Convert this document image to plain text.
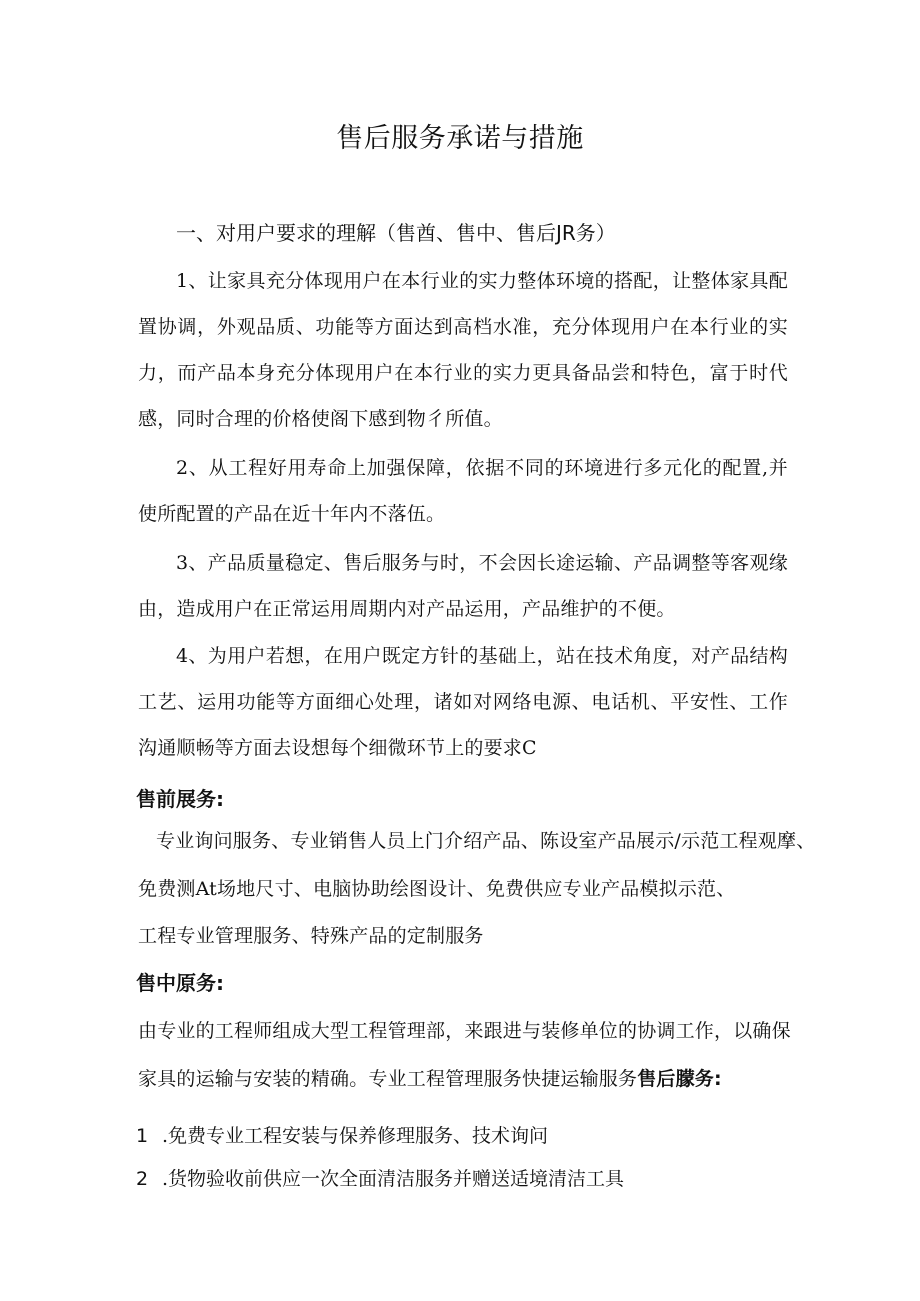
售后服务承诺与措施
一、对用户要求的理解（售酋、售中、售后JR务）
1、让家具充分体现用户在本行业的实力整体环境的搭配，让整体家具配置协调，外观品质、功能等方面达到高档水准，充分体现用户在本行业的实力，而产品本身充分体现用户在本行业的实力更具备品尝和特色，富于时代感，同时合理的价格使阁下感到物彳所值。
2、从工程好用寿命上加强保障，依据不同的环境进行多元化的配置,并使所配置的产品在近十年内不落伍。
3、产品质量稳定、售后服务与时，不会因长途运输、产品调整等客观缘由，造成用户在正常运用周期内对产品运用，产品维护的不便。
4、为用户若想，在用户既定方针的基础上，站在技术角度，对产品结构工艺、运用功能等方面细心处理，诸如对网络电源、电话机、平安性、工作沟通顺畅等方面去设想每个细微环节上的要求C
售前展务:
专业询问服务、专业销售人员上门介绍产品、陈设室产品展示/示范工程观摩、
免费测At场地尺寸、电脑协助绘图设计、免费供应专业产品模拟示范、
工程专业管理服务、特殊产品的定制服务
售中原务:
由专业的工程师组成大型工程管理部，来跟进与装修单位的协调工作，以确保
家具的运输与安装的精确。专业工程管理服务快捷运输服务售后朦务:
1 .免费专业工程安装与保养修理服务、技术询问
2 .货物验收前供应一次全面清洁服务并赠送适境清洁工具
